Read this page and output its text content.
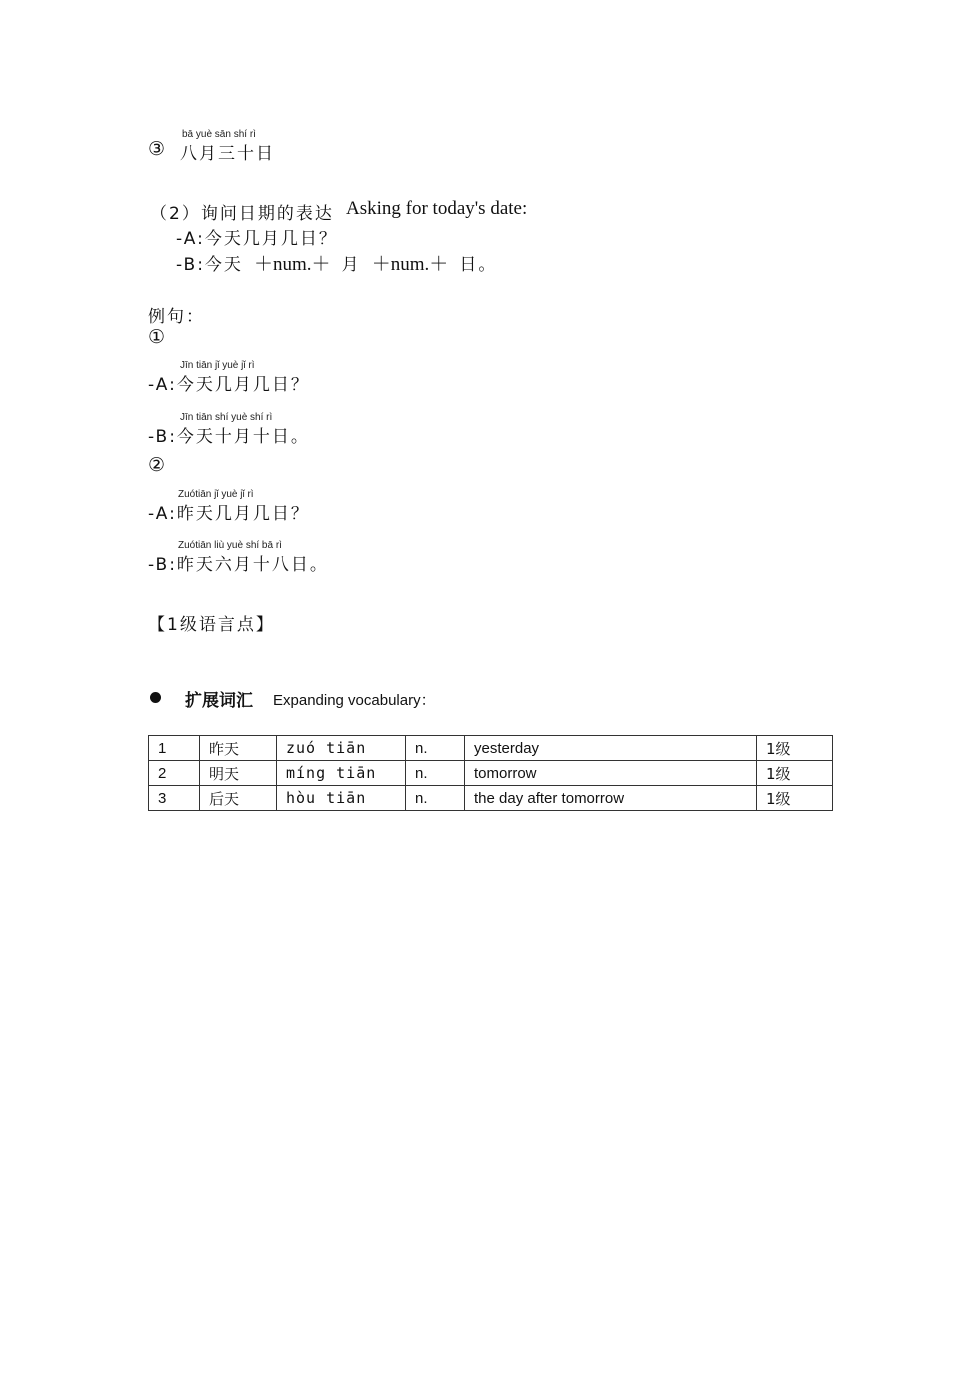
bā yuè sān shí rì
③ 八月三十日
（2）询问日期的表达 Asking for today's date:
-A:今天几月几日？
-B:今天 ＋num.＋ 月 ＋num.＋ 日。
例句：
①
Jīn tiān jǐ yuè jǐ rì
-A:今天几月几日？
Jīn tiān shí yuè shí rì
-B:今天十月十日。
②
Zuótiān jǐ yuè jǐ rì
-A:昨天几月几日？
Zuótiān liù yuè shí bā rì
-B:昨天六月十八日。
【1级语言点】
扩展词汇 Expanding vocabulary：
1	昨天	zuó tiān	n.	yesterday	1级
2	明天	míng tiān	n.	tomorrow	1级
3	后天	hòu tiān	n.	the day after tomorrow	1级
